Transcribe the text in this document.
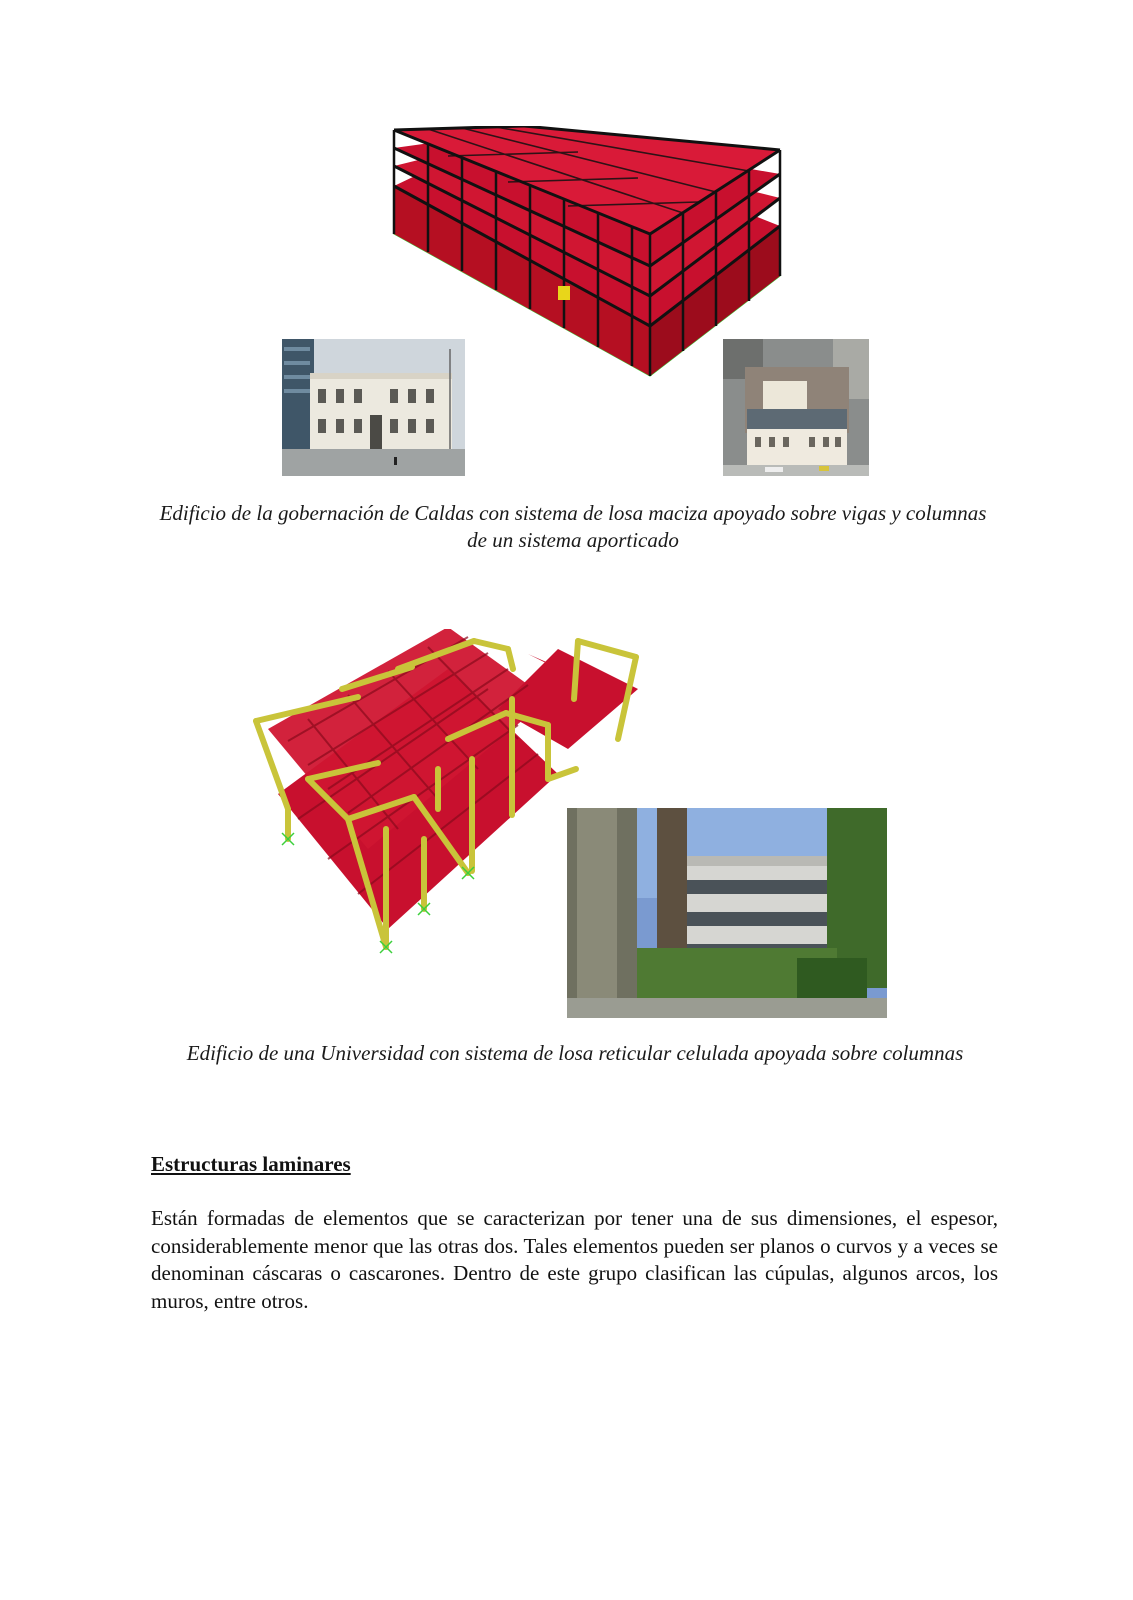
Edificio de la gobernación de Caldas con sistema de losa maciza apoyado sobre vigas y columnas de un sistema aporticado
Edificio de una Universidad con sistema de losa reticular celulada apoyada sobre columnas
Estructuras laminares
Están formadas de elementos que se caracterizan por tener una de sus dimensiones, el espesor, considerablemente menor que las otras dos. Tales elementos pueden ser planos o curvos y a veces se denominan cáscaras o cascarones. Dentro de este grupo clasifican las cúpulas, algunos arcos, los muros, entre otros.
